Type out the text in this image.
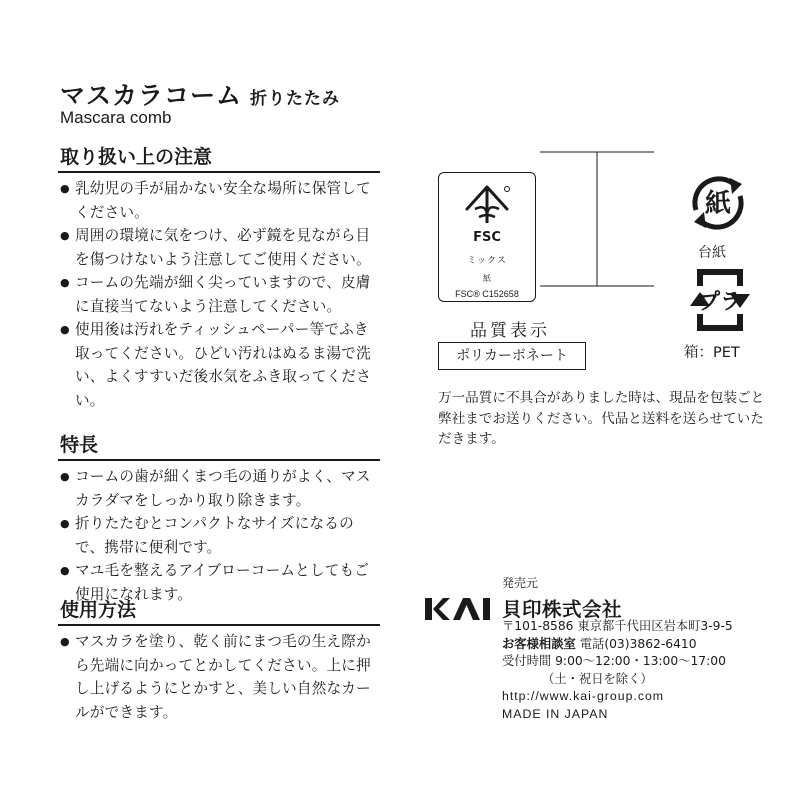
マスカラコーム 折りたたみ
Mascara comb
取り扱い上の注意
● 乳幼児の手が届かない安全な場所に保管してください。
● 周囲の環境に気をつけ、必ず鏡を見ながら目を傷つけないよう注意してご使用ください。
● コームの先端が細く尖っていますので、皮膚に直接当てないよう注意してください。
● 使用後は汚れをティッシュペーパー等でふき取ってください。ひどい汚れはぬるま湯で洗い、よくすすいだ後水気をふき取ってください。
特長
● コームの歯が細くまつ毛の通りがよく、マスカラダマをしっかり取り除きます。
● 折りたたむとコンパクトなサイズになるので、携帯に便利です。
● マユ毛を整えるアイブローコームとしてもご使用になれます。
使用方法
● マスカラを塗り、乾く前にまつ毛の生え際から先端に向かってとかしてください。上に押し上げるようにとかすと、美しい自然なカールができます。
FSC
ミックス
紙
FSC® C152658
品質表示
ポリカーボネート
紙
台紙
プラ
箱：PET
万一品質に不具合がありました時は、現品を包装ごと弊社までお送りください。代品と送料を送らせていただきます。
発売元
KAI
貝印株式会社
〒101-8586 東京都千代田区岩本町3-9-5
お客様相談室 電話(03)3862-6410
受付時間 9:00〜12:00・13:00〜17:00
（土・祝日を除く）
http://www.kai-group.com
MADE IN JAPAN
